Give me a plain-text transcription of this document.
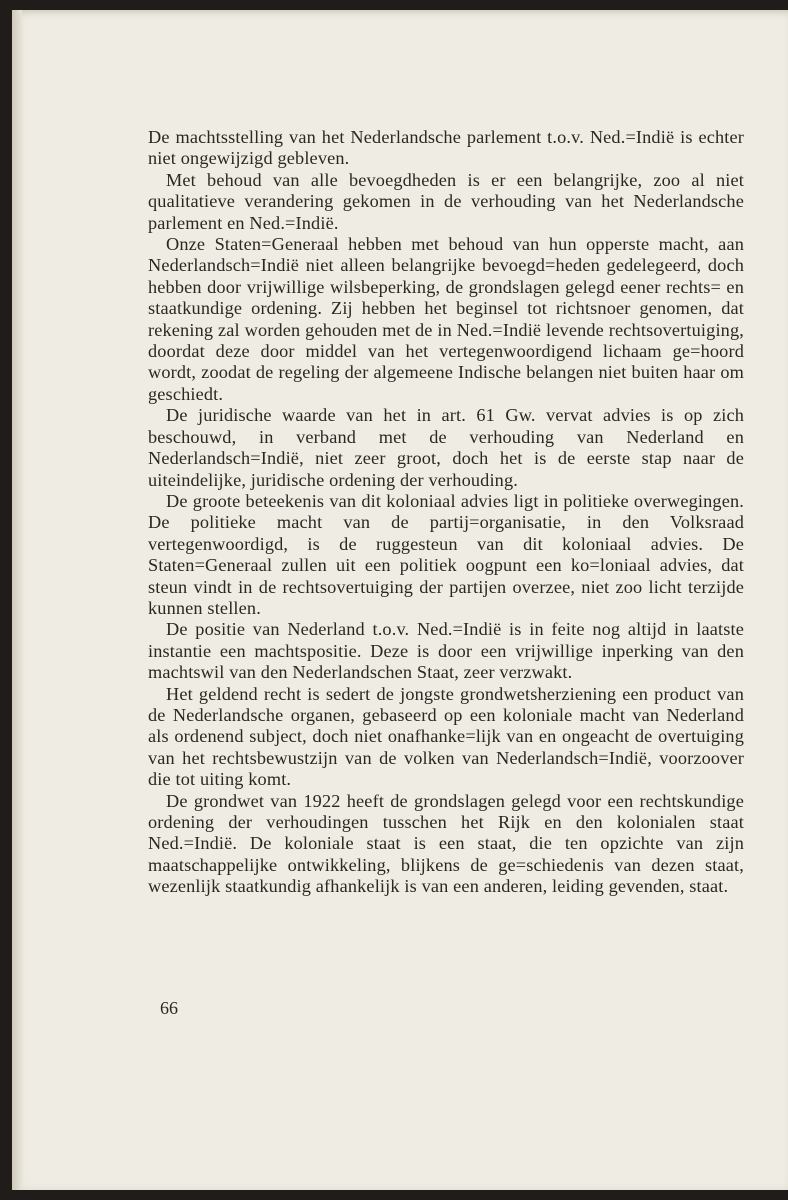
De machtsstelling van het Nederlandsche parlement t.o.v. Ned.=Indië is echter niet ongewijzigd gebleven.

Met behoud van alle bevoegdheden is er een belangrijke, zoo al niet qualitatieve verandering gekomen in de verhouding van het Nederlandsche parlement en Ned.=Indië.

Onze Staten=Generaal hebben met behoud van hun opperste macht, aan Nederlandsch=Indië niet alleen belangrijke bevoegd=heden gedelegeerd, doch hebben door vrijwillige wilsbeperking, de grondslagen gelegd eener rechts= en staatkundige ordening. Zij hebben het beginsel tot richtsnoer genomen, dat rekening zal worden gehouden met de in Ned.=Indië levende rechtsovertuiging, doordat deze door middel van het vertegenwoordigend lichaam ge=hoord wordt, zoodat de regeling der algemeene Indische belangen niet buiten haar om geschiedt.

De juridische waarde van het in art. 61 Gw. vervat advies is op zich beschouwd, in verband met de verhouding van Nederland en Nederlandsch=Indië, niet zeer groot, doch het is de eerste stap naar de uiteindelijke, juridische ordening der verhouding.

De groote beteekenis van dit koloniaal advies ligt in politieke overwegingen. De politieke macht van de partij=organisatie, in den Volksraad vertegenwoordigd, is de ruggesteun van dit koloniaal advies. De Staten=Generaal zullen uit een politiek oogpunt een ko=loniaal advies, dat steun vindt in de rechtsovertuiging der partijen overzee, niet zoo licht terzijde kunnen stellen.

De positie van Nederland t.o.v. Ned.=Indië is in feite nog altijd in laatste instantie een machtspositie. Deze is door een vrijwillige inperking van den machtswil van den Nederlandschen Staat, zeer verzwakt.

Het geldend recht is sedert de jongste grondwetsherziening een product van de Nederlandsche organen, gebaseerd op een koloniale macht van Nederland als ordenend subject, doch niet onafhanke=lijk van en ongeacht de overtuiging van het rechtsbewustzijn van de volken van Nederlandsch=Indië, voorzoover die tot uiting komt.

De grondwet van 1922 heeft de grondslagen gelegd voor een rechtskundige ordening der verhoudingen tusschen het Rijk en den kolonialen staat Ned.=Indië. De koloniale staat is een staat, die ten opzichte van zijn maatschappelijke ontwikkeling, blijkens de ge=schiedenis van dezen staat, wezenlijk staatkundig afhankelijk is van een anderen, leiding gevenden, staat.

66
